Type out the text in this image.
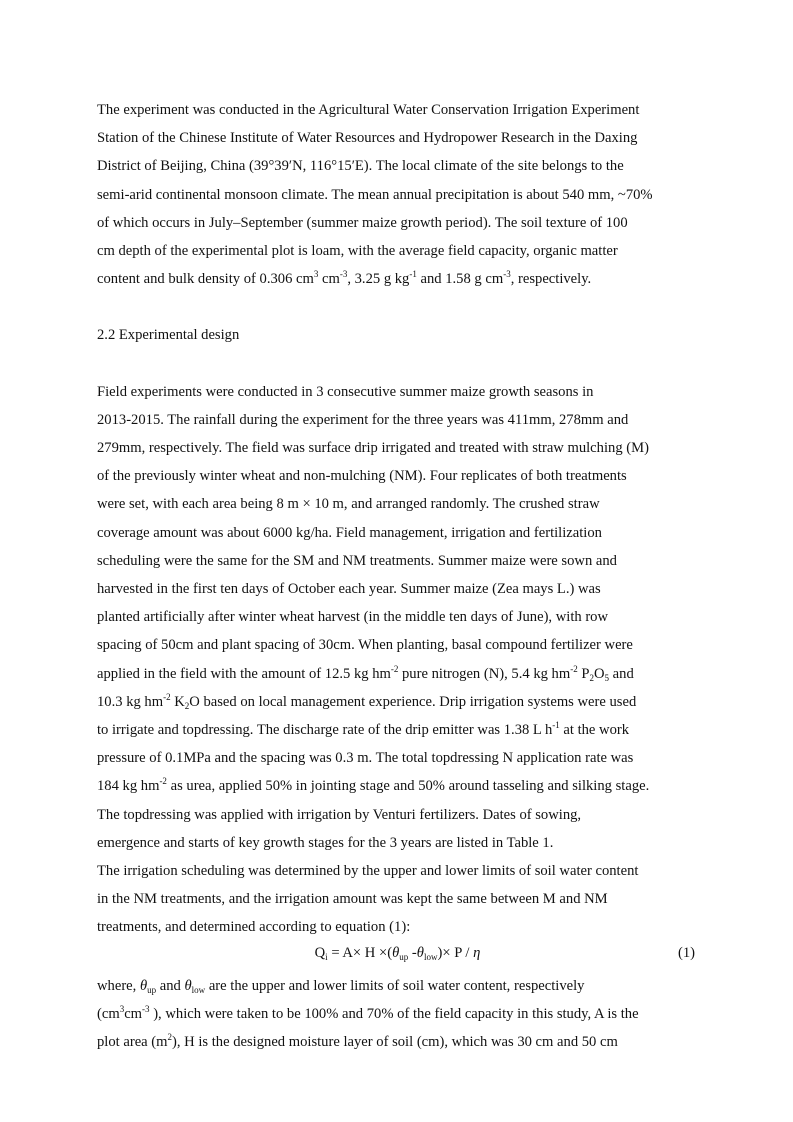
The experiment was conducted in the Agricultural Water Conservation Irrigation Experiment

Station of the Chinese Institute of Water Resources and Hydropower Research in the Daxing

District of Beijing, China (39°39′N, 116°15′E). The local climate of the site belongs to the

semi-arid continental monsoon climate. The mean annual precipitation is about 540 mm, ~70%

of which occurs in July–September (summer maize growth period). The soil texture of 100

cm depth of the experimental plot is loam, with the average field capacity, organic matter

content and bulk density of 0.306 $cm^3$ $cm^{-3}$, 3.25 g $kg^{-1}$ and 1.58 g $cm^{-3}$, respectively.

2.2 Experimental design

Field experiments were conducted in 3 consecutive summer maize growth seasons in

2013-2015. The rainfall during the experiment for the three years was 411mm, 278mm and

279mm, respectively. The field was surface drip irrigated and treated with straw mulching (M)

of the previously winter wheat and non-mulching (NM). Four replicates of both treatments

were set, with each area being 8 m × 10 m, and arranged randomly. The crushed straw

coverage amount was about 6000 kg/ha. Field management, irrigation and fertilization

scheduling were the same for the SM and NM treatments. Summer maize were sown and

harvested in the first ten days of October each year. Summer maize (Zea mays L.) was

planted artificially after winter wheat harvest (in the middle ten days of June), with row

spacing of 50cm and plant spacing of 30cm. When planting, basal compound fertilizer were

applied in the field with the amount of 12.5 kg $hm^{-2}$ pure nitrogen (N), 5.4 kg $hm^{-2}$ $P_2O_5$ and

10.3 kg $hm^{-2}$ $K_2O$ based on local management experience. Drip irrigation systems were used

to irrigate and topdressing. The discharge rate of the drip emitter was 1.38 L $h^{-1}$ at the work

pressure of 0.1MPa and the spacing was 0.3 m. The total topdressing N application rate was

184 kg $hm^{-2}$ as urea, applied 50% in jointing stage and 50% around tasseling and silking stage.

The topdressing was applied with irrigation by Venturi fertilizers. Dates of sowing,

emergence and starts of key growth stages for the 3 years are listed in Table 1.

The irrigation scheduling was determined by the upper and lower limits of soil water content

in the NM treatments, and the irrigation amount was kept the same between M and NM

treatments, and determined according to equation (1):

$Q_i = A\times H \times(\theta_{up}$ $-\theta_{low})\times P / \eta$	(1)

where, $\theta_{up}$ and $\theta_{low}$ are the upper and lower limits of soil water content, respectively

($cm^3cm^{-3}$ ), which were taken to be 100% and 70% of the field capacity in this study, A is the

plot area $(m^2)$, H is the designed moisture layer of soil (cm), which was 30 cm and 50 cm
